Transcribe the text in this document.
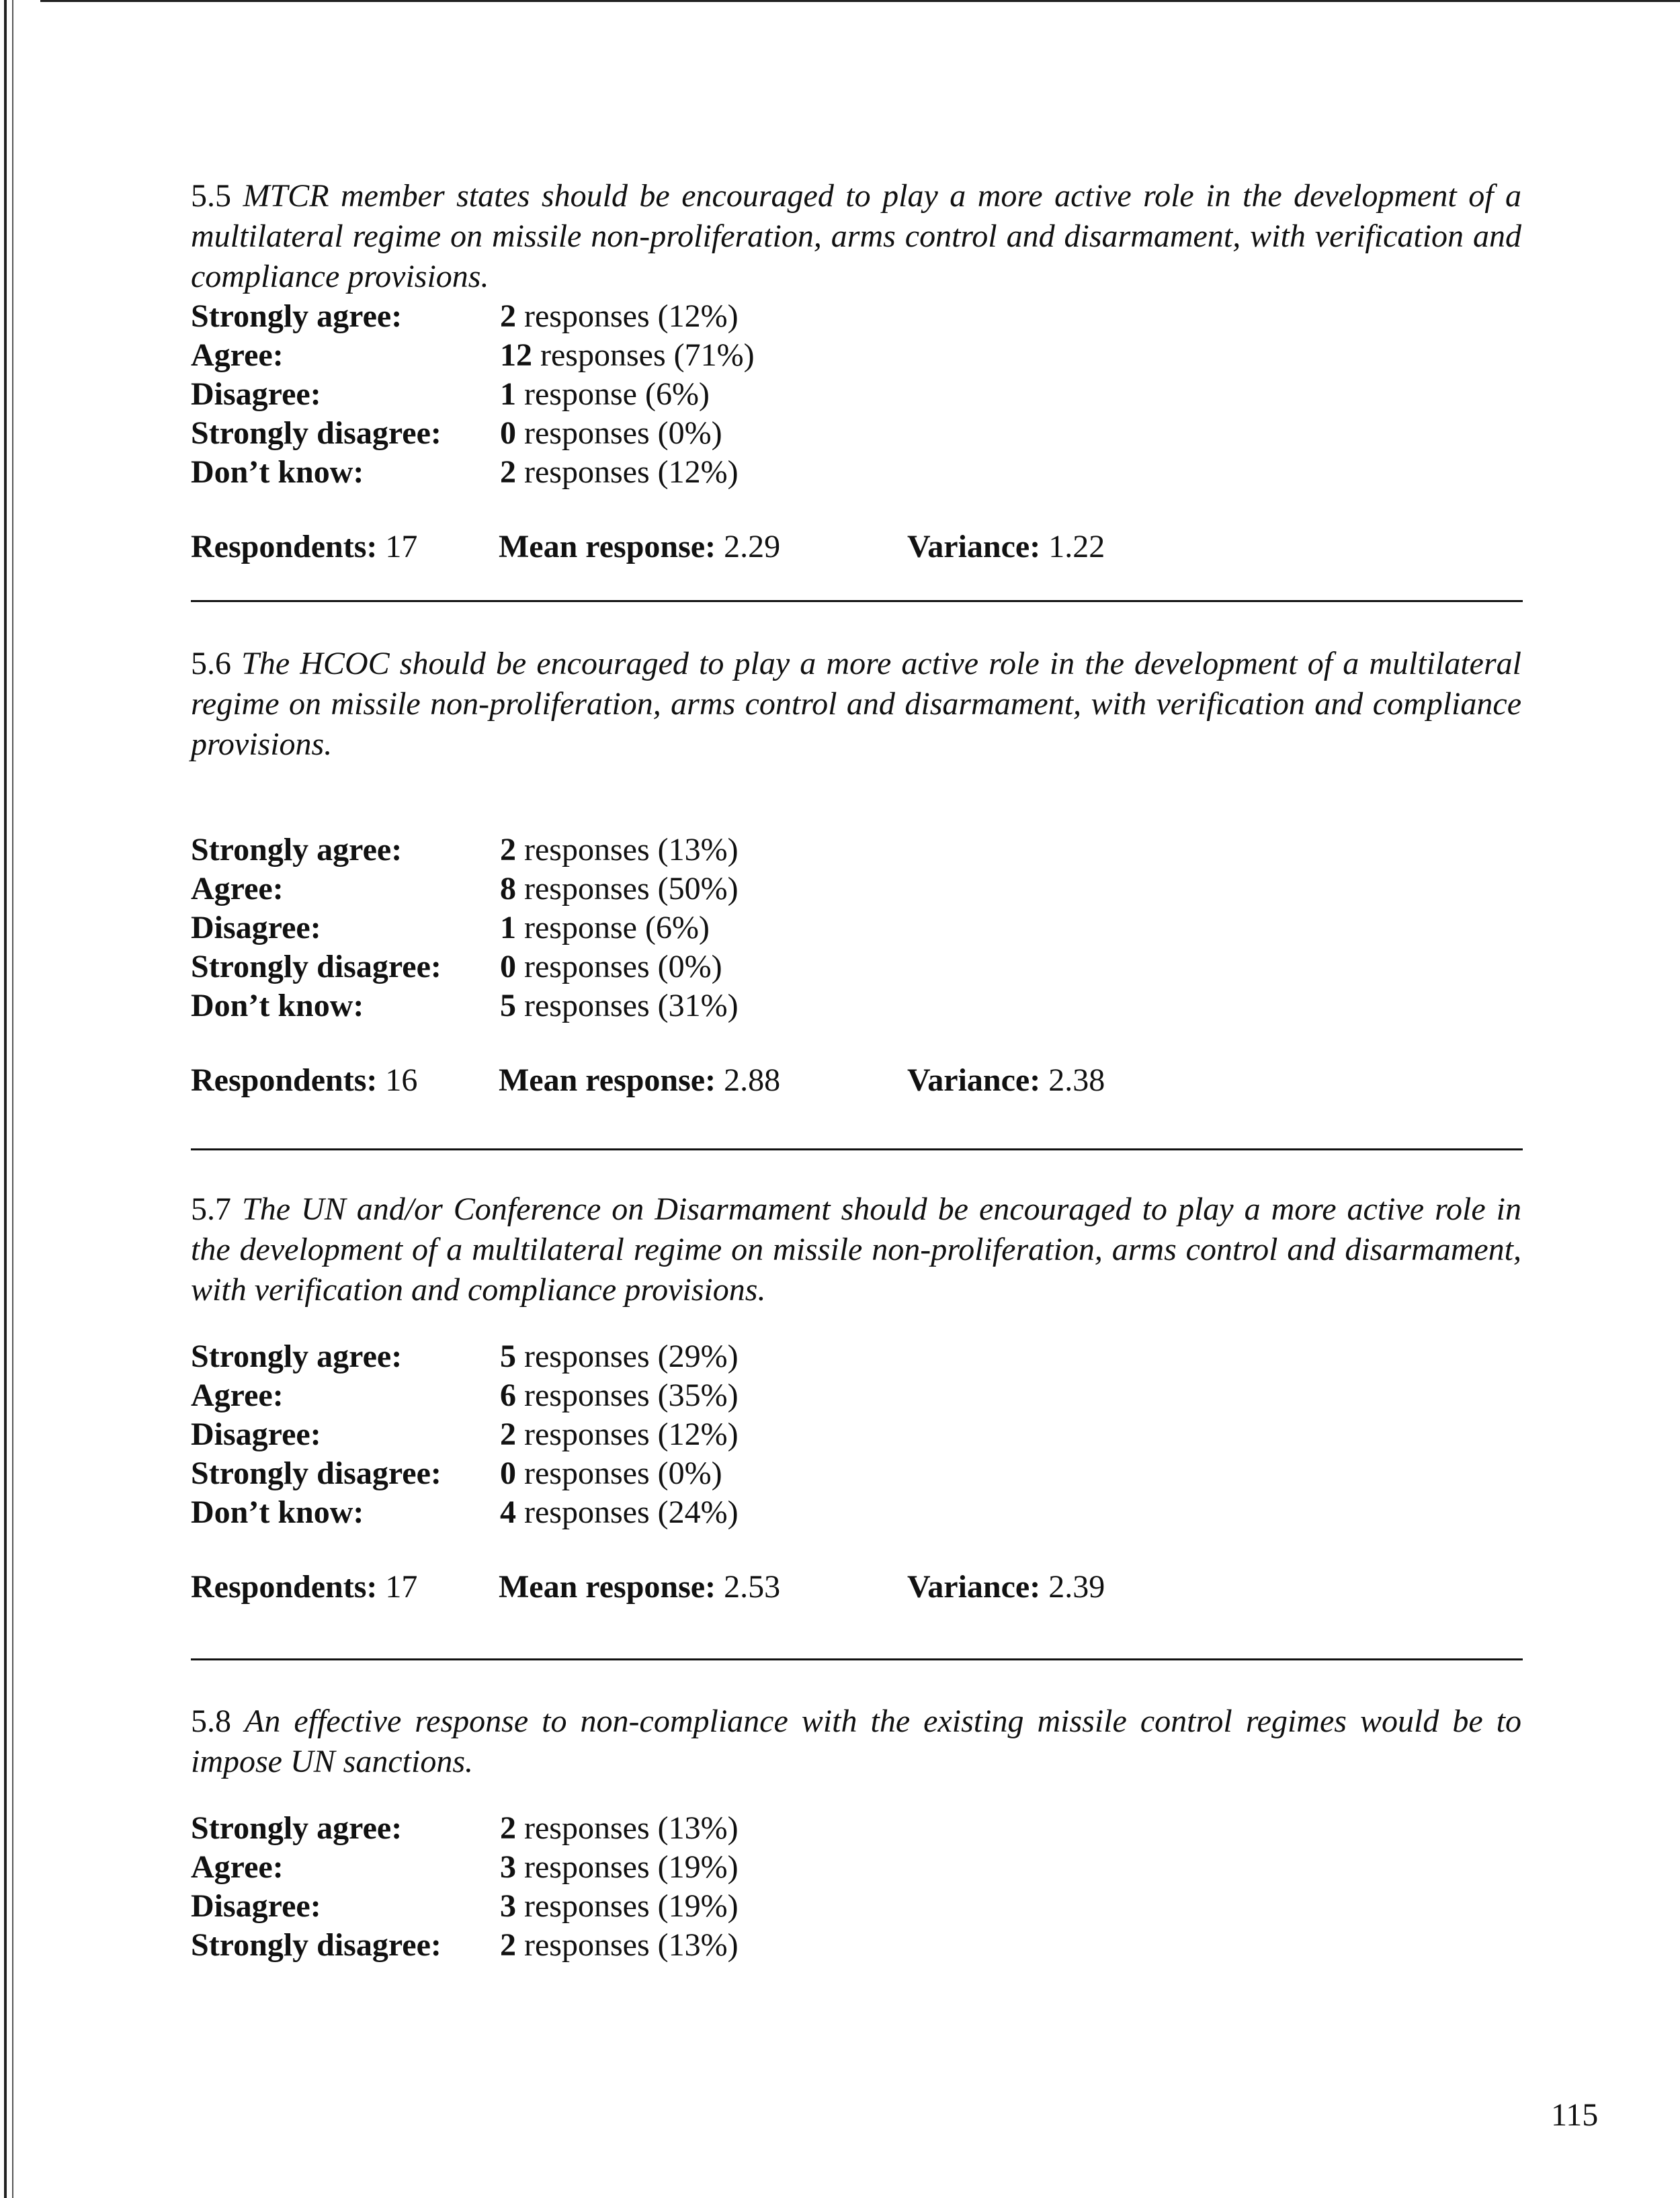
5.5 MTCR member states should be encouraged to play a more active role in the development of a multilateral regime on missile non-proliferation, arms control and disarmament, with verification and compliance provisions.

Strongly agree:	2 responses (12%)
Agree:	12 responses (71%)
Disagree:	1 response (6%)
Strongly disagree:	0 responses (0%)
Don’t know:	2 responses (12%)
Respondents: 17	Mean response: 2.29	Variance: 1.22

5.6 The HCOC should be encouraged to play a more active role in the development of a multilateral regime on missile non-proliferation, arms control and disarmament, with verification and compliance provisions.

Strongly agree:	2 responses (13%)
Agree:	8 responses (50%)
Disagree:	1 response (6%)
Strongly disagree:	0 responses (0%)
Don’t know:	5 responses (31%)
Respondents: 16	Mean response: 2.88	Variance: 2.38

5.7 The UN and/or Conference on Disarmament should be encouraged to play a more active role in the development of a multilateral regime on missile non-proliferation, arms control and disarmament, with verification and compliance provisions.

Strongly agree:	5 responses (29%)
Agree:	6 responses (35%)
Disagree:	2 responses (12%)
Strongly disagree:	0 responses (0%)
Don’t know:	4 responses (24%)
Respondents: 17	Mean response: 2.53	Variance: 2.39

5.8 An effective response to non-compliance with the existing missile control regimes would be to impose UN sanctions.

Strongly agree:	2 responses (13%)
Agree:	3 responses (19%)
Disagree:	3 responses (19%)
Strongly disagree:	2 responses (13%)
115
